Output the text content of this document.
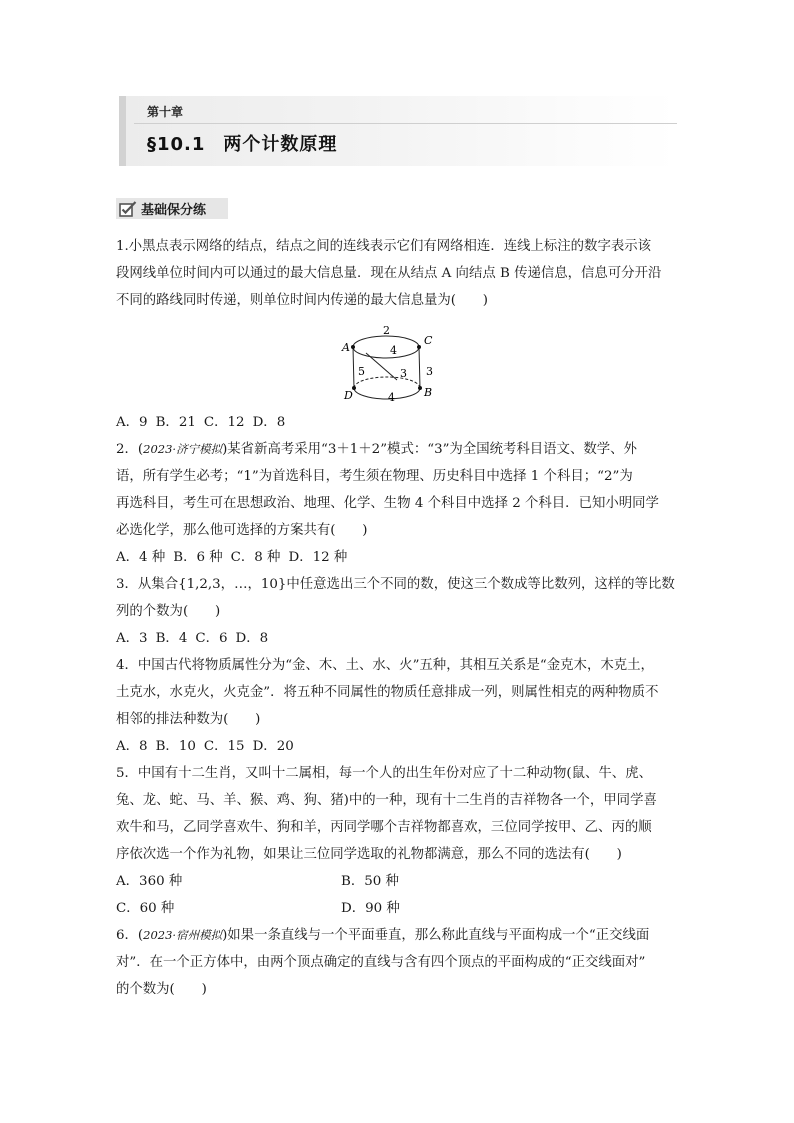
第十章
§10.1 两个计数原理
基础保分练

1.小黑点表示网络的结点，结点之间的连线表示它们有网络相连．连线上标注的数字表示该

段网线单位时间内可以通过的最大信息量．现在从结点 A 向结点 B 传递信息，信息可分开沿

不同的路线同时传递，则单位时间内传递的最大信息量为(　　)

A
C
D	B
2
4
3
5	3
4

A．9 B．21 C．12 D．8

2．(2023·济宁模拟)某省新高考采用“3＋1＋2”模式：“3”为全国统考科目语文、数学、外

语，所有学生必考；“1”为首选科目，考生须在物理、历史科目中选择 1 个科目；“2”为

再选科目，考生可在思想政治、地理、化学、生物 4 个科目中选择 2 个科目．已知小明同学

必选化学，那么他可选择的方案共有(　　)

A．4 种 B．6 种 C．8 种 D．12 种

3．从集合{1,2,3，…，10}中任意选出三个不同的数，使这三个数成等比数列，这样的等比数

列的个数为(　　)

A．3 B．4 C．6 D．8

4．中国古代将物质属性分为“金、木、土、水、火”五种，其相互关系是“金克木，木克土，

土克水，水克火，火克金”．将五种不同属性的物质任意排成一列，则属性相克的两种物质不

相邻的排法种数为(　　)

A．8 B．10 C．15 D．20

5．中国有十二生肖，又叫十二属相，每一个人的出生年份对应了十二种动物(鼠、牛、虎、

兔、龙、蛇、马、羊、猴、鸡、狗、猪)中的一种，现有十二生肖的吉祥物各一个，甲同学喜

欢牛和马，乙同学喜欢牛、狗和羊，丙同学哪个吉祥物都喜欢，三位同学按甲、乙、丙的顺

序依次选一个作为礼物，如果让三位同学选取的礼物都满意，那么不同的选法有(　　)

A．360 种	B．50 种

C．60 种	D．90 种

6．(2023·宿州模拟)如果一条直线与一个平面垂直，那么称此直线与平面构成一个“正交线面

对”．在一个正方体中，由两个顶点确定的直线与含有四个顶点的平面构成的“正交线面对”

的个数为(　　)
